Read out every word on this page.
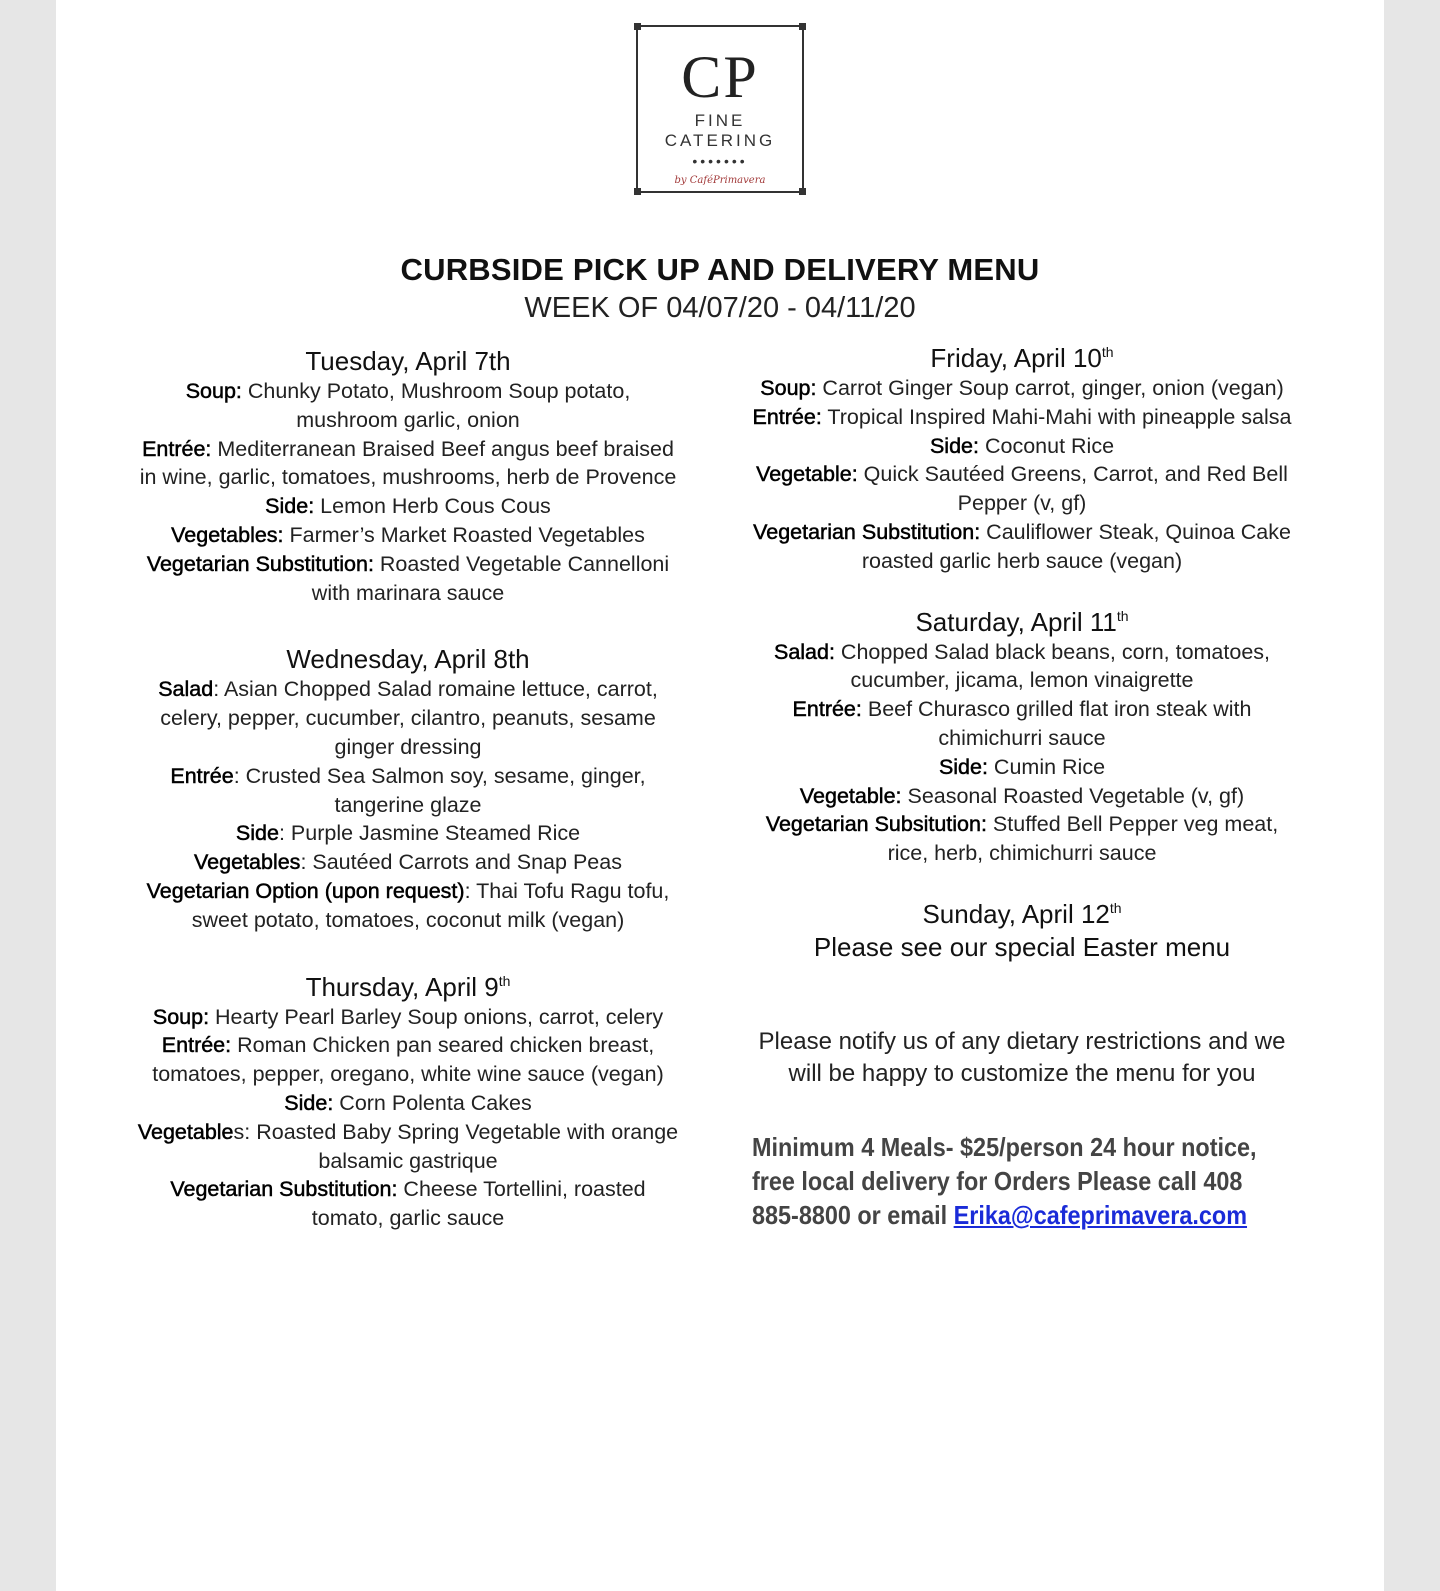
CP
FINE CATERING
•••••••
by CaféPrimavera
CURBSIDE PICK UP AND DELIVERY MENU
WEEK OF 04/07/20 - 04/11/20
Tuesday, April 7th
Soup: Chunky Potato, Mushroom Soup potato, mushroom garlic, onion
Entrée: Mediterranean Braised Beef angus beef braised in wine, garlic, tomatoes, mushrooms, herb de Provence
Side: Lemon Herb Cous Cous
Vegetables: Farmer’s Market Roasted Vegetables
Vegetarian Substitution: Roasted Vegetable Cannelloni with marinara sauce
Wednesday, April 8th
Salad: Asian Chopped Salad romaine lettuce, carrot, celery, pepper, cucumber, cilantro, peanuts, sesame ginger dressing
Entrée: Crusted Sea Salmon soy, sesame, ginger, tangerine glaze
Side: Purple Jasmine Steamed Rice
Vegetables: Sautéed Carrots and Snap Peas
Vegetarian Option (upon request): Thai Tofu Ragu tofu, sweet potato, tomatoes, coconut milk (vegan)
Thursday, April 9th
Soup: Hearty Pearl Barley Soup onions, carrot, celery
Entrée: Roman Chicken pan seared chicken breast, tomatoes, pepper, oregano, white wine sauce (vegan)
Side: Corn Polenta Cakes
Vegetables: Roasted Baby Spring Vegetable with orange balsamic gastrique
Vegetarian Substitution: Cheese Tortellini, roasted tomato, garlic sauce
Friday, April 10th
Soup: Carrot Ginger Soup carrot, ginger, onion (vegan)
Entrée: Tropical Inspired Mahi-Mahi with pineapple salsa
Side: Coconut Rice
Vegetable: Quick Sautéed Greens, Carrot, and Red Bell Pepper (v, gf)
Vegetarian Substitution: Cauliflower Steak, Quinoa Cake roasted garlic herb sauce (vegan)
Saturday, April 11th
Salad: Chopped Salad black beans, corn, tomatoes, cucumber, jicama, lemon vinaigrette
Entrée: Beef Churasco grilled flat iron steak with chimichurri sauce
Side: Cumin Rice
Vegetable: Seasonal Roasted Vegetable (v, gf)
Vegetarian Subsitution: Stuffed Bell Pepper veg meat, rice, herb, chimichurri sauce
Sunday, April 12th
Please see our special Easter menu
Please notify us of any dietary restrictions and we will be happy to customize the menu for you
Minimum 4 Meals- $25/person 24 hour notice, free local delivery for Orders Please call 408 885-8800 or email Erika@cafeprimavera.com
